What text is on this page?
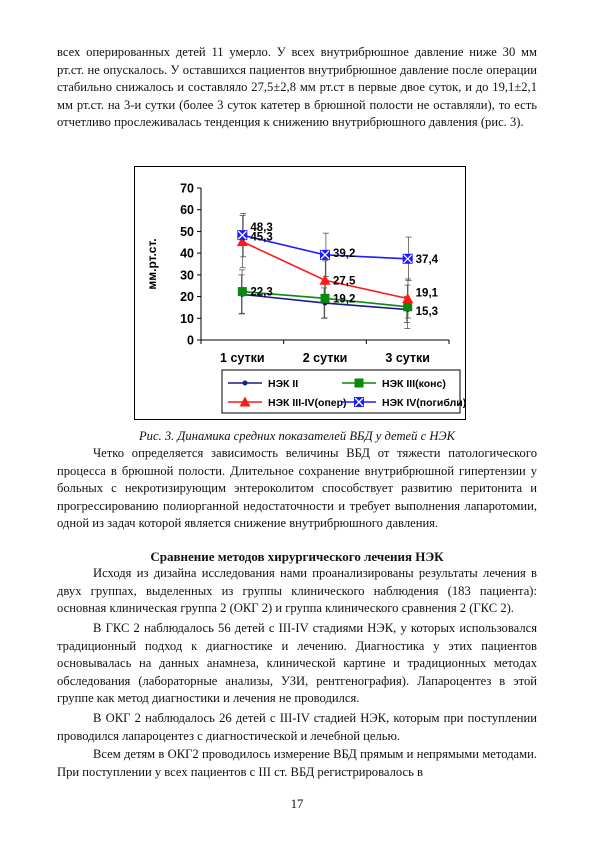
всех оперированных детей 11 умерло. У всех внутрибрюшное давление ниже 30 мм рт.ст. не опускалось. У оставшихся пациентов внутрибрюшное давление после операции стабильно снижалось и составляло 27,5±2,8 мм рт.ст в первые двое суток, и до 19,1±2,1 мм рт.ст. на 3-и сутки (более 3 суток катетер в брюшной полости не оставляли), то есть отчетливо прослеживалась тенденция к снижению внутрибрюшного давления (рис. 3).

0
10
20
30
40
50
60
70
мм.рт.ст.
1 сутки	2 сутки	3 сутки
22,3
19,2
15,3
45,3
27,5
19,1
48,3
39,2	37,4
НЭК II	НЭК III(конс)
НЭК III-IV(опер)	НЭК IV(погибли)
Рис. 3. Динамика средних показателей ВБД у детей с НЭК

Четко определяется зависимость величины ВБД от тяжести патологического процесса в брюшной полости. Длительное сохранение внутрибрюшной гипертензии у больных с некротизирующим энтероколитом способствует развитию перитонита и прогрессированию полиорганной недостаточности и требует выполнения лапаротомии, одной из задач которой является снижение внутрибрюшного давления.

Сравнение методов хирургического лечения НЭК

Исходя из дизайна исследования нами проанализированы результаты лечения в двух группах, выделенных из группы клинического наблюдения (183 пациента): основная клиническая группа 2 (ОКГ 2) и группа клинического сравнения 2 (ГКС 2).

В ГКС 2 наблюдалось 56 детей с III-IV стадиями НЭК, у которых использовался традиционный подход к диагностике и лечению. Диагностика у этих пациентов основывалась на данных анамнеза, клинической картине и традиционных методах обследования (лабораторные анализы, УЗИ, рентгенография). Лапароцентез в этой группе как метод диагностики и лечения не проводился.

В ОКГ 2 наблюдалось 26 детей с III-IV стадией НЭК, которым при поступлении проводился лапароцентез с диагностической и лечебной целью.

Всем детям в ОКГ2 проводилось измерение ВБД прямым и непрямыми методами. При поступлении у всех пациентов с III ст. ВБД регистрировалось в

17
